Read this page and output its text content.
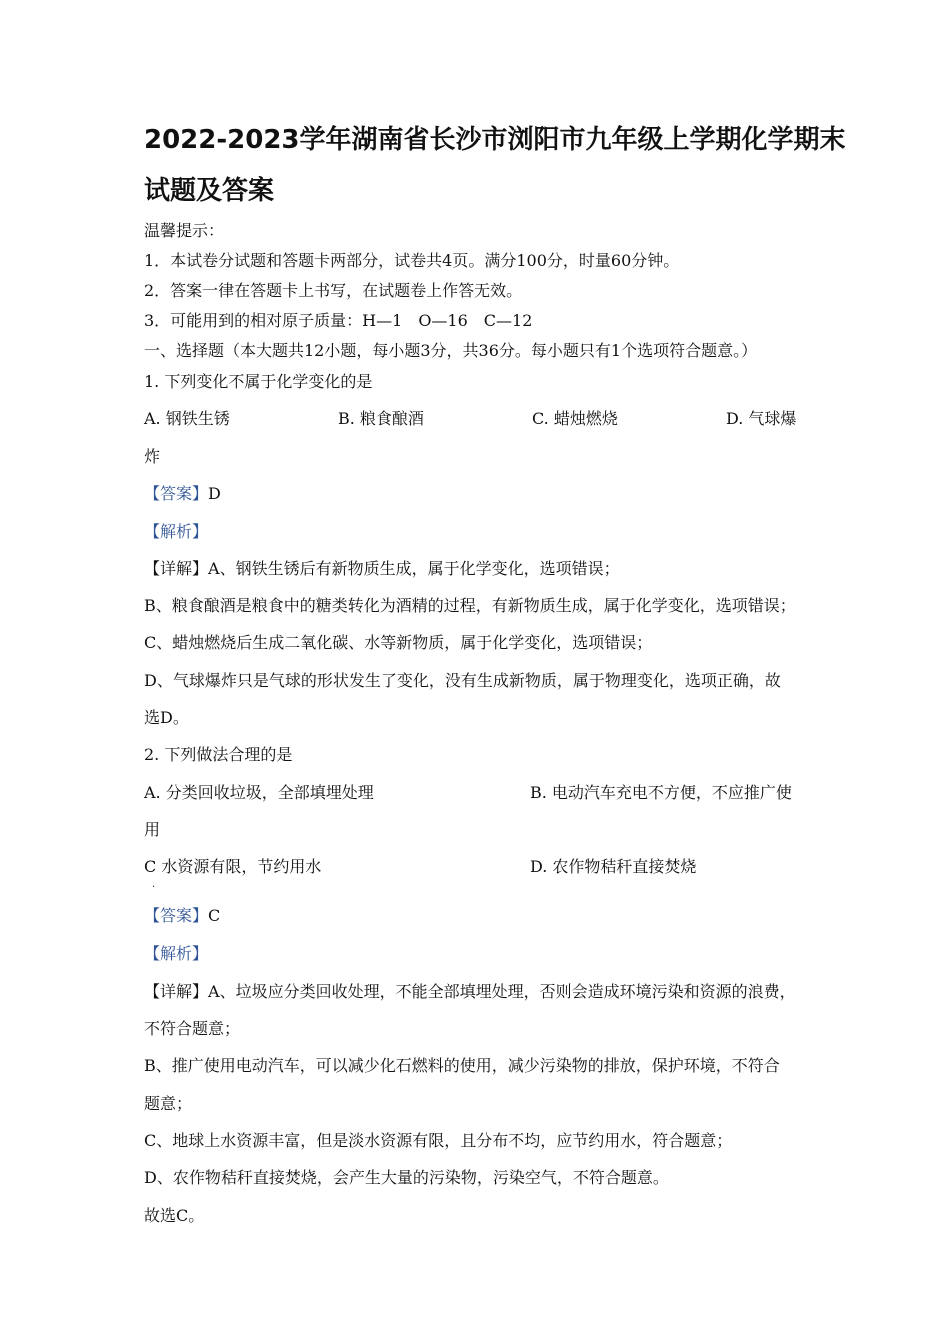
2022-2023学年湖南省长沙市浏阳市九年级上学期化学期末
试题及答案
温馨提示：
1．本试卷分试题和答题卡两部分，试卷共4页。满分100分，时量60分钟。
2．答案一律在答题卡上书写，在试题卷上作答无效。
3．可能用到的相对原子质量：H—1　O—16　C—12
一、选择题（本大题共12小题，每小题3分，共36分。每小题只有1个选项符合题意。）
1. 下列变化不属于化学变化的是
A. 钢铁生锈	B. 粮食酿酒	C. 蜡烛燃烧	D. 气球爆
炸
【答案】D
【解析】
【详解】A、钢铁生锈后有新物质生成，属于化学变化，选项错误；
B、粮食酿酒是粮食中的糖类转化为酒精的过程，有新物质生成，属于化学变化，选项错误；
C、蜡烛燃烧后生成二氧化碳、水等新物质，属于化学变化，选项错误；
D、气球爆炸只是气球的形状发生了变化，没有生成新物质，属于物理变化，选项正确，故
选D。
2. 下列做法合理的是
A. 分类回收垃圾，全部填埋处理	B. 电动汽车充电不方便，不应推广使
用
C 水资源有限，节约用水
.
D. 农作物秸秆直接焚烧
【答案】C
【解析】
【详解】A、垃圾应分类回收处理，不能全部填埋处理，否则会造成环境污染和资源的浪费，
不符合题意；
B、推广使用电动汽车，可以减少化石燃料的使用，减少污染物的排放，保护环境，不符合
题意；
C、地球上水资源丰富，但是淡水资源有限，且分布不均，应节约用水，符合题意；
D、农作物秸秆直接焚烧，会产生大量的污染物，污染空气，不符合题意。
故选C。
